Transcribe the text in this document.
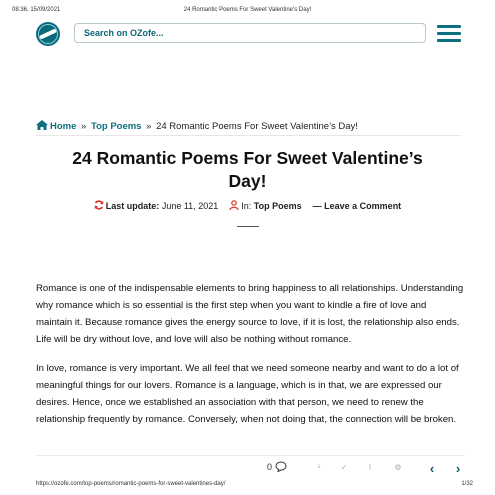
08:36, 15/09/2021	24 Romantic Poems For Sweet Valentine’s Day!
Search on OZofe...
Home » Top Poems » 24 Romantic Poems For Sweet Valentine’s Day!
24 Romantic Poems For Sweet Valentine’s Day!
Last update: June 11, 2021	In: Top Poems — Leave a Comment

Romance is one of the indispensable elements to bring happiness to all relationships. Understanding why romance which is so essential is the first step when you want to kindle a fire of love and maintain it. Because romance gives the energy source to love, if it is lost, the relationship also ends. Life will be dry without love, and love will also be nothing without romance.

In love, romance is very important. We all feel that we need someone nearby and want to do a lot of meaningful things for our lovers. Romance is a language, which is in that, we are expressed our desires. Hence, once we established an association with that person, we need to renew the relationship frequently by romance. Conversely, when not doing that, the connection will be broken.

0	⁵	✓	Ι	⚙	‹	›
https://ozofe.com/top-poems/romantic-poems-for-sweet-valentines-day/	1/32
